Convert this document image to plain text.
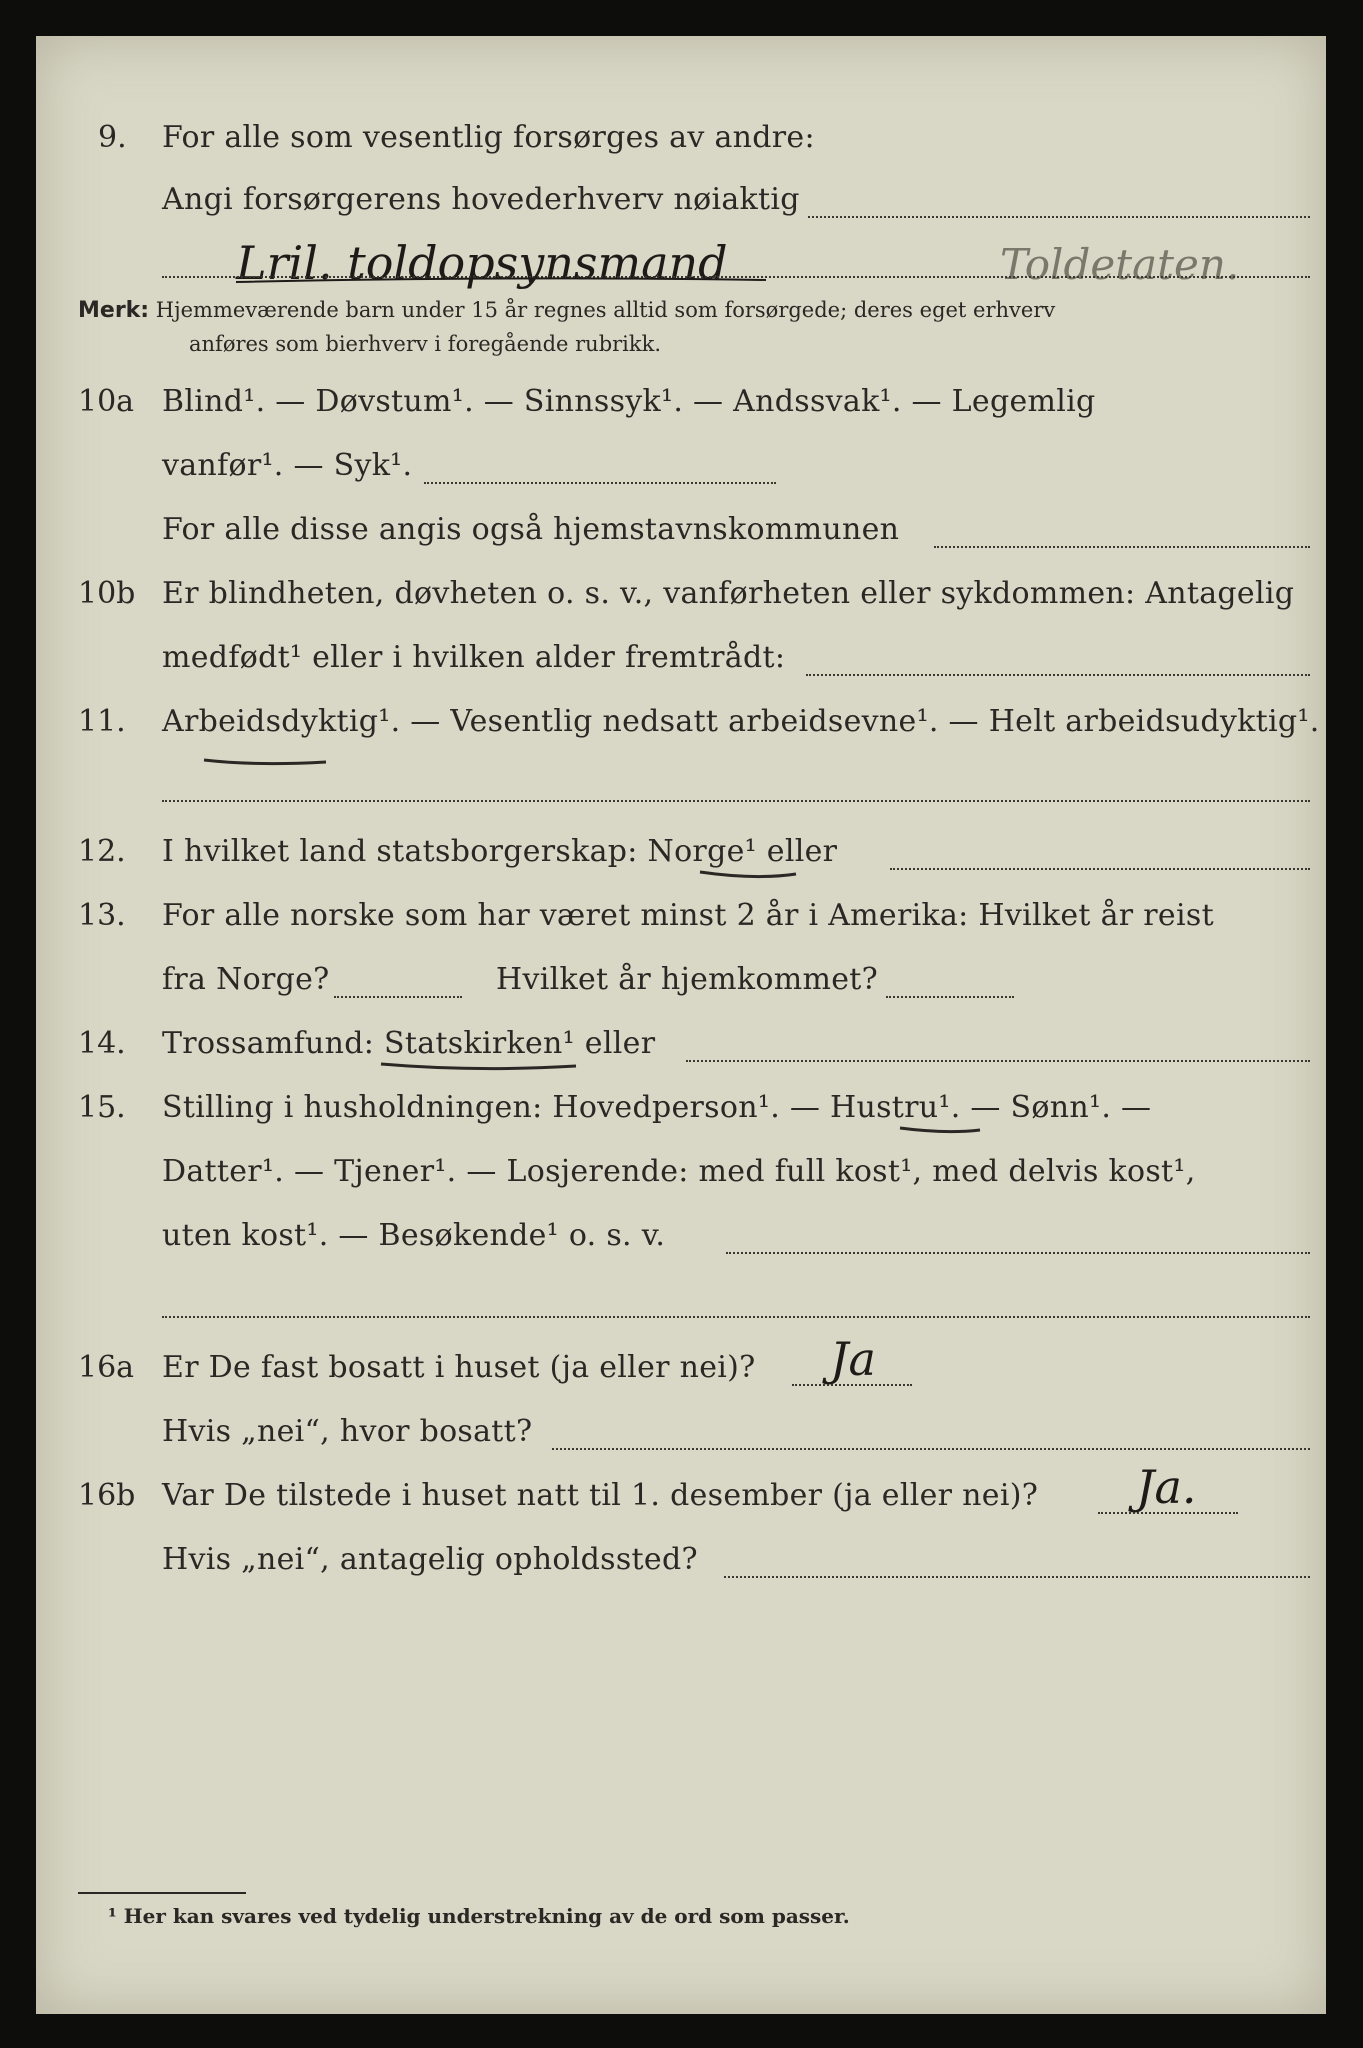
9. For alle som vesentlig forsørges av andre:
Angi forsørgerens hovederhverv nøiaktig
Lril. toldopsynsmand	Toldetaten.
Merk: Hjemmeværende barn under 15 år regnes alltid som forsørgede; deres eget erhverv
anføres som bierhverv i foregående rubrikk.
10a Blind¹. — Døvstum¹. — Sinnssyk¹. — Andssvak¹. — Legemlig
vanfør¹. — Syk¹.
For alle disse angis også hjemstavnskommunen
10b Er blindheten, døvheten o. s. v., vanførheten eller sykdommen: Antagelig
medfødt¹ eller i hvilken alder fremtrådt:
11. Arbeidsdyktig¹. — Vesentlig nedsatt arbeidsevne¹. — Helt arbeidsudyktig¹.
12. I hvilket land statsborgerskap: Norge¹ eller
13. For alle norske som har været minst 2 år i Amerika: Hvilket år reist
fra Norge?	Hvilket år hjemkommet?
14. Trossamfund: Statskirken¹ eller
15. Stilling i husholdningen: Hovedperson¹. — Hustru¹. — Sønn¹. —
Datter¹. — Tjener¹. — Losjerende: med full kost¹, med delvis kost¹,
uten kost¹. — Besøkende¹ o. s. v.
16a Er De fast bosatt i huset (ja eller nei)? Ja
Hvis „nei“, hvor bosatt?
16b Var De tilstede i huset natt til 1. desember (ja eller nei)? Ja.
Hvis „nei“, antagelig opholdssted?
¹ Her kan svares ved tydelig understrekning av de ord som passer.
